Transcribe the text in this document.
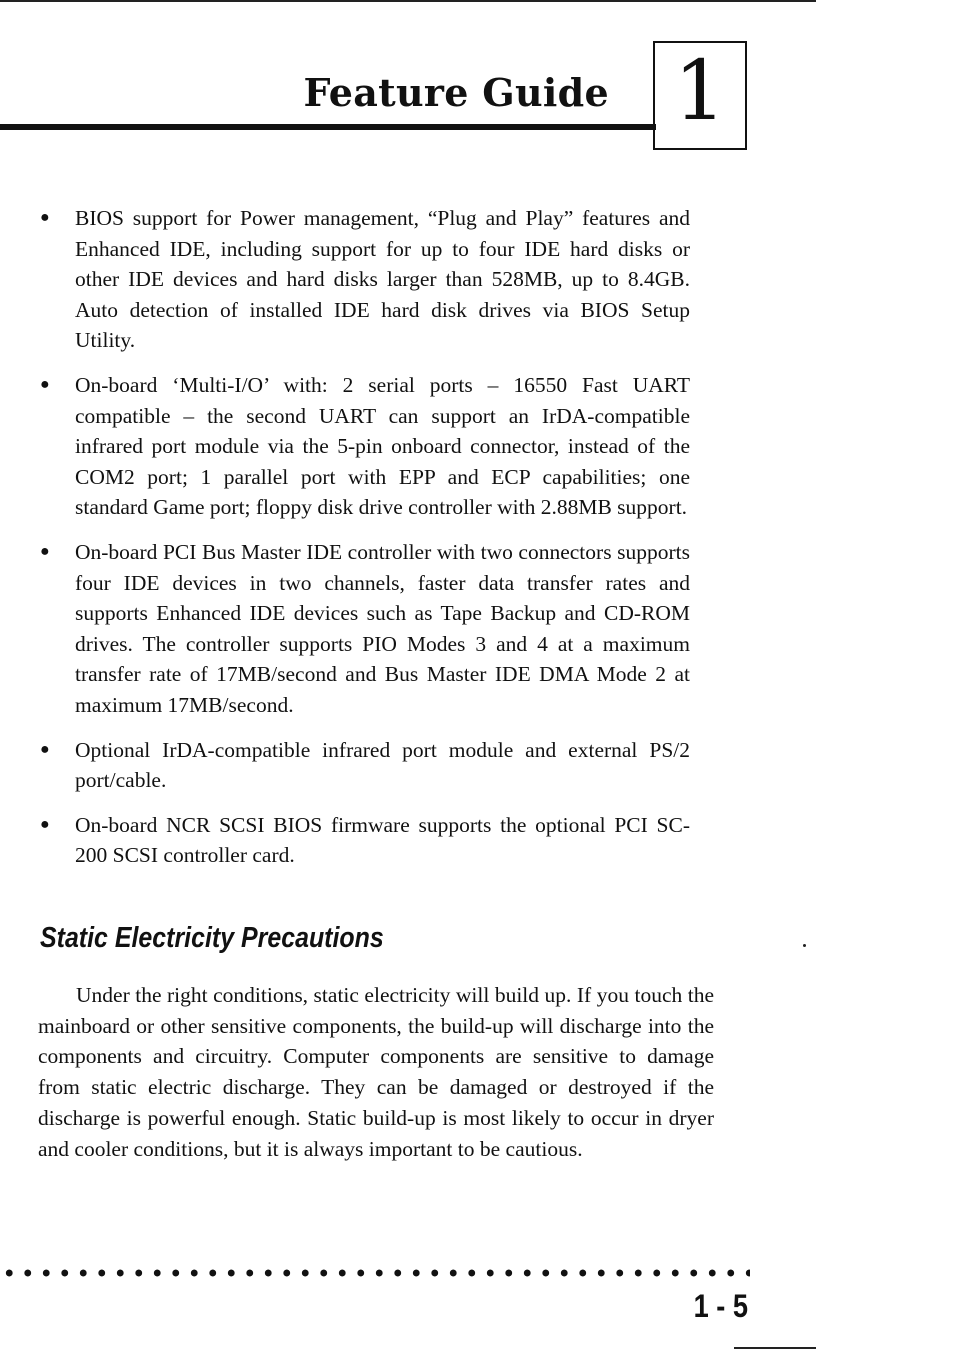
Feature Guide 1
● BIOS support for Power management, “Plug and Play” features and Enhanced IDE, including support for up to four IDE hard disks or other IDE devices and hard disks larger than 528MB, up to 8.4GB. Auto detection of installed IDE hard disk drives via BIOS Setup Utility.
● On-board ‘Multi-I/O’ with: 2 serial ports – 16550 Fast UART compatible – the second UART can support an IrDA-compatible infrared port module via the 5-pin onboard connector, instead of the COM2 port; 1 parallel port with EPP and ECP capabilities; one standard Game port; floppy disk drive controller with 2.88MB support.
● On-board PCI Bus Master IDE controller with two connectors supports four IDE devices in two channels, faster data transfer rates and supports Enhanced IDE devices such as Tape Backup and CD-ROM drives. The controller supports PIO Modes 3 and 4 at a maximum transfer rate of 17MB/second and Bus Master IDE DMA Mode 2 at maximum 17MB/second.
● Optional IrDA-compatible infrared port module and external PS/2 port/cable.
● On-board NCR SCSI BIOS firmware supports the optional PCI SC-200 SCSI controller card.
Static Electricity Precautions

Under the right conditions, static electricity will build up. If you touch the mainboard or other sensitive components, the build-up will discharge into the components and circuitry. Computer components are sensitive to damage from static electric discharge. They can be damaged or destroyed if the discharge is powerful enough. Static build-up is most likely to occur in dryer and cooler conditions, but it is always important to be cautious.

1 - 5
